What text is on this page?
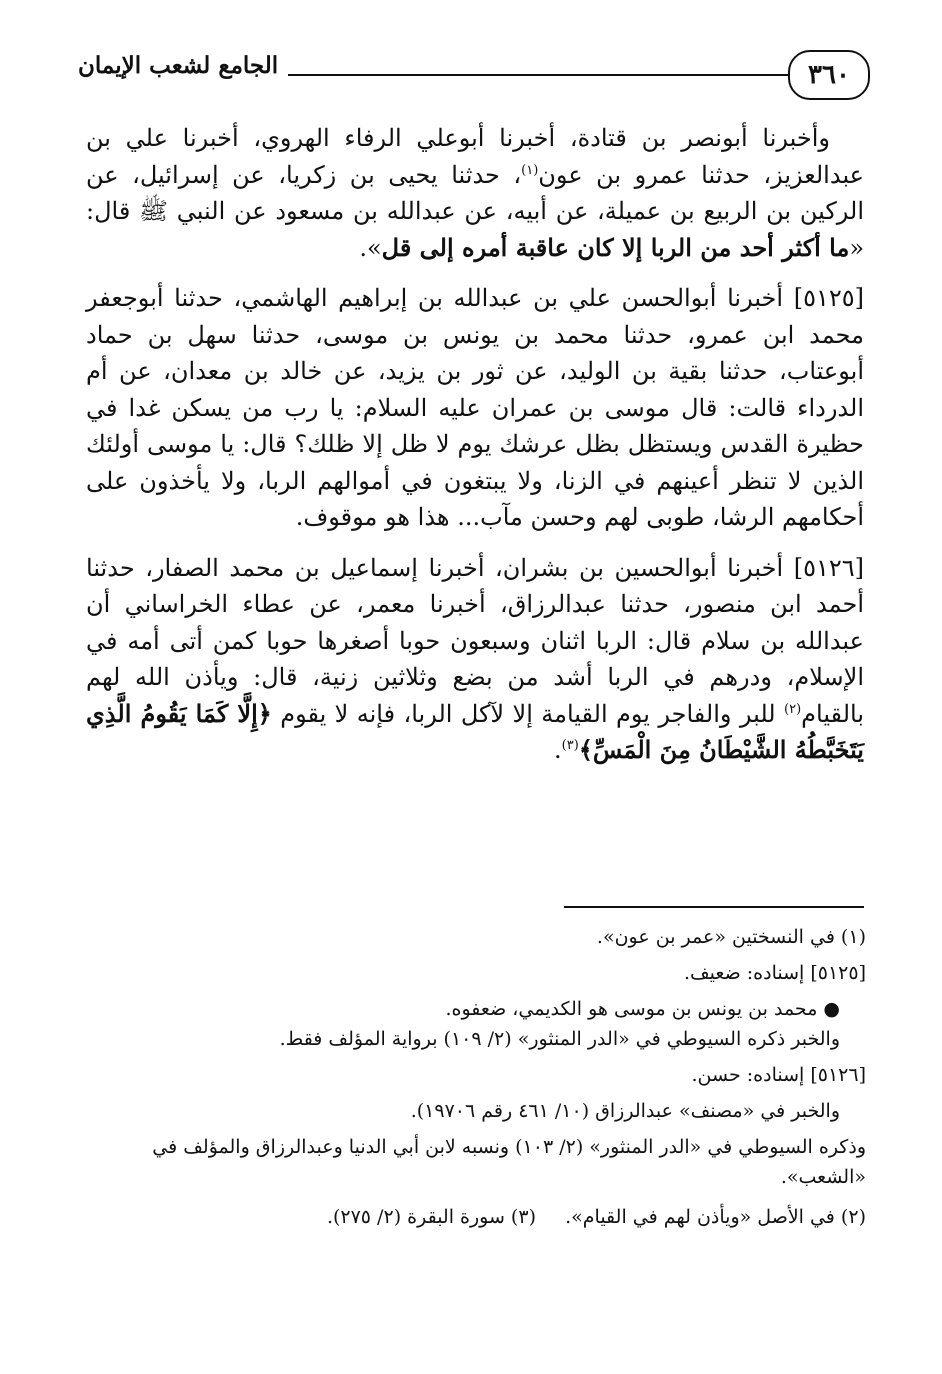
الجامع لشعب الإيمان	٣٦٠

وأخبرنا أبونصر بن قتادة، أخبرنا أبوعلي الرفاء الهروي، أخبرنا علي بن عبدالعزيز، حدثنا عمرو بن عون$^{(١)}$، حدثنا يحيى بن زكريا، عن إسرائيل، عن الركين بن الربيع بن عميلة، عن أبيه، عن عبدالله بن مسعود عن النبي ﷺ قال: «ما أكثر أحد من الربا إلا كان عاقبة أمره إلى قل».

[٥١٢٥] أخبرنا أبوالحسن علي بن عبدالله بن إبراهيم الهاشمي، حدثنا أبوجعفر محمد ابن عمرو، حدثنا محمد بن يونس بن موسى، حدثنا سهل بن حماد أبوعتاب، حدثنا بقية بن الوليد، عن ثور بن يزيد، عن خالد بن معدان، عن أم الدرداء قالت: قال موسى بن عمران عليه السلام: يا رب من يسكن غدا في حظيرة القدس ويستظل بظل عرشك يوم لا ظل إلا ظلك؟ قال: يا موسى أولئك الذين لا تنظر أعينهم في الزنا، ولا يبتغون في أموالهم الربا، ولا يأخذون على أحكامهم الرشا، طوبى لهم وحسن مآب... هذا هو موقوف.

[٥١٢٦] أخبرنا أبوالحسين بن بشران، أخبرنا إسماعيل بن محمد الصفار، حدثنا أحمد ابن منصور، حدثنا عبدالرزاق، أخبرنا معمر، عن عطاء الخراساني أن عبدالله بن سلام قال: الربا اثنان وسبعون حوبا أصغرها حوبا كمن أتى أمه في الإسلام، ودرهم في الربا أشد من بضع وثلاثين زنية، قال: ويأذن الله لهم بالقيام$^{(٢)}$ للبر والفاجر يوم القيامة إلا لآكل الربا، فإنه لا يقوم ﴿إِلَّا كَمَا يَقُومُ الَّذِي يَتَخَبَّطُهُ الشَّيْطَانُ مِنَ الْمَسِّ﴾$^{(٣)}$.

(١) في النسختين «عمر بن عون».

[٥١٢٥] إسناده: ضعيف.

● محمد بن يونس بن موسى هو الكديمي، ضعفوه.

والخبر ذكره السيوطي في «الدر المنثور» (٢/ ١٠٩) برواية المؤلف فقط.

[٥١٢٦] إسناده: حسن.

والخبر في «مصنف» عبدالرزاق (١٠/ ٤٦١ رقم ١٩٧٠٦).

وذكره السيوطي في «الدر المنثور» (٢/ ١٠٣) ونسبه لابن أبي الدنيا وعبدالرزاق والمؤلف في «الشعب».

(٢) في الأصل «ويأذن لهم في القيام».
(٣) سورة البقرة (٢/ ٢٧٥).
